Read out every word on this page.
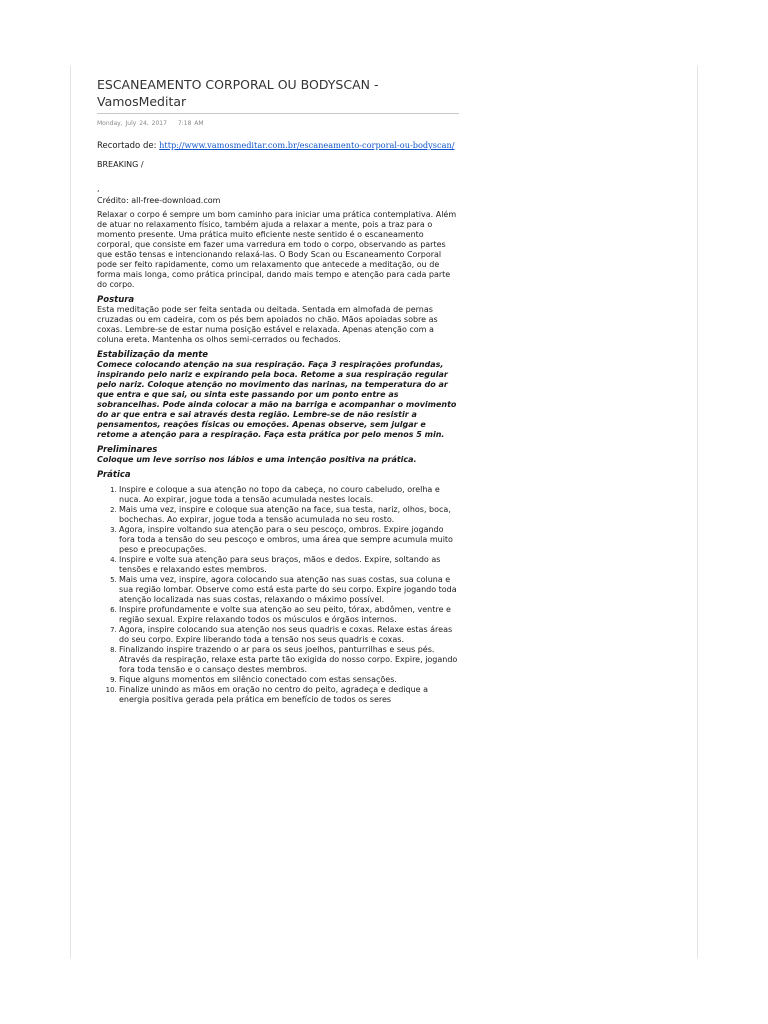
ESCANEAMENTO CORPORAL OU BODYSCAN - VamosMeditar
Monday, July 24, 2017 7:18 AM
Recortado de: http://www.vamosmeditar.com.br/escaneamento-corporal-ou-bodyscan/

BREAKING /

,

Crédito: all-free-download.com

Relaxar o corpo é sempre um bom caminho para iniciar uma prática contemplativa. Além de atuar no relaxamento físico, também ajuda a relaxar a mente, pois a traz para o momento presente. Uma prática muito eficiente neste sentido é o escaneamento corporal, que consiste em fazer uma varredura em todo o corpo, observando as partes que estão tensas e intencionando relaxá-las. O Body Scan ou Escaneamento Corporal pode ser feito rapidamente, como um relaxamento que antecede a meditação, ou de forma mais longa, como prática principal, dando mais tempo e atenção para cada parte do corpo.

Postura

Esta meditação pode ser feita sentada ou deitada. Sentada em almofada de pernas cruzadas ou em cadeira, com os pés bem apoiados no chão. Mãos apoiadas sobre as coxas. Lembre-se de estar numa posição estável e relaxada. Apenas atenção com a coluna ereta. Mantenha os olhos semi-cerrados ou fechados.

Estabilização da mente

Comece colocando atenção na sua respiração. Faça 3 respirações profundas, inspirando pelo nariz e expirando pela boca. Retome a sua respiração regular pelo nariz. Coloque atenção no movimento das narinas, na temperatura do ar que entra e que sai, ou sinta este passando por um ponto entre as sobrancelhas. Pode ainda colocar a mão na barriga e acompanhar o movimento do ar que entra e sai através desta região. Lembre-se de não resistir a pensamentos, reações físicas ou emoções. Apenas observe, sem julgar e retome a atenção para a respiração. Faça esta prática por pelo menos 5 min.

Preliminares

Coloque um leve sorriso nos lábios e uma intenção positiva na prática.

Prática
1. Inspire e coloque a sua atenção no topo da cabeça, no couro cabeludo, orelha e nuca. Ao expirar, jogue toda a tensão acumulada nestes locais.
2. Mais uma vez, inspire e coloque sua atenção na face, sua testa, nariz, olhos, boca, bochechas. Ao expirar, jogue toda a tensão acumulada no seu rosto.
3. Agora, inspire voltando sua atenção para o seu pescoço, ombros. Expire jogando fora toda a tensão do seu pescoço e ombros, uma área que sempre acumula muito peso e preocupações.
4. Inspire e volte sua atenção para seus braços, mãos e dedos. Expire, soltando as tensões e relaxando estes membros.
5. Mais uma vez, inspire, agora colocando sua atenção nas suas costas, sua coluna e sua região lombar. Observe como está esta parte do seu corpo. Expire jogando toda atenção localizada nas suas costas, relaxando o máximo possível.
6. Inspire profundamente e volte sua atenção ao seu peito, tórax, abdômen, ventre e região sexual. Expire relaxando todos os músculos e órgãos internos.
7. Agora, inspire colocando sua atenção nos seus quadris e coxas. Relaxe estas áreas do seu corpo. Expire liberando toda a tensão nos seus quadris e coxas.
8. Finalizando inspire trazendo o ar para os seus joelhos, panturrilhas e seus pés. Através da respiração, relaxe esta parte tão exigida do nosso corpo. Expire, jogando fora toda tensão e o cansaço destes membros.
9. Fique alguns momentos em silêncio conectado com estas sensações.
10. Finalize unindo as mãos em oração no centro do peito, agradeça e dedique a energia positiva gerada pela prática em benefício de todos os seres
